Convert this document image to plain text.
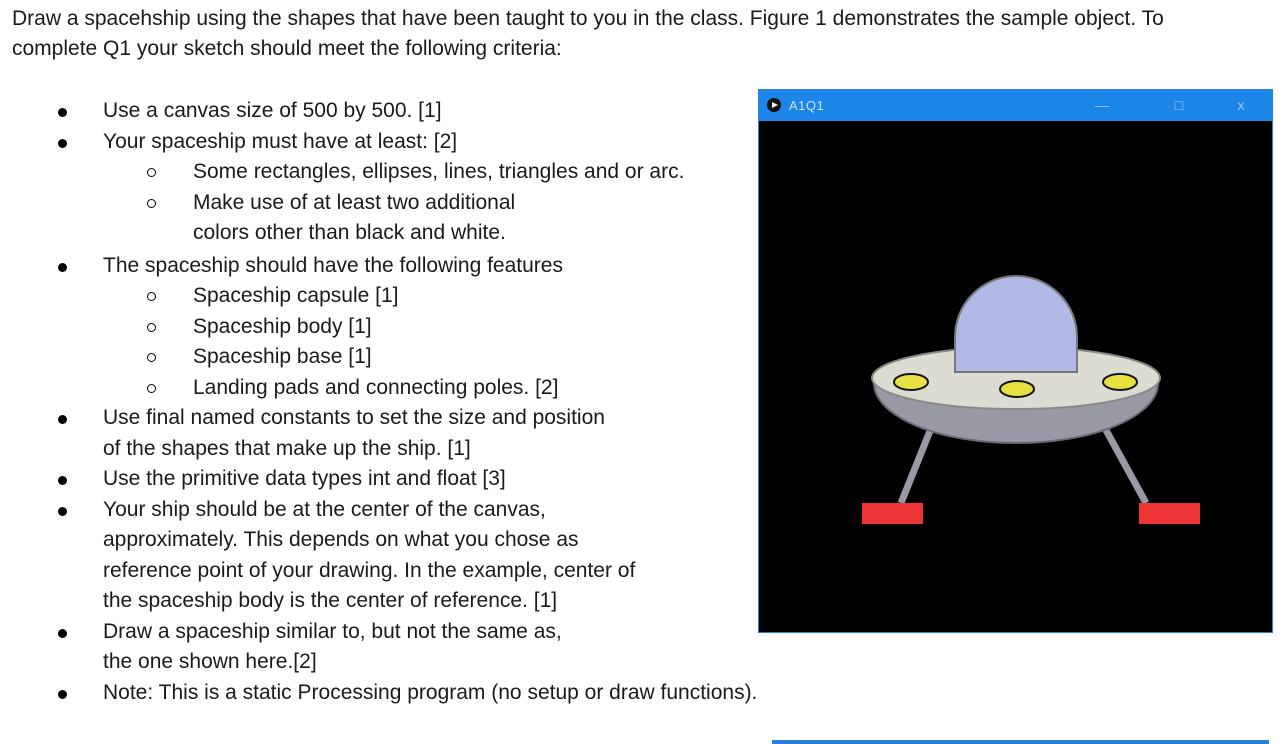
Draw a spacehship using the shapes that have been taught to you in the class. Figure 1 demonstrates the sample object. To complete Q1 your sketch should meet the following criteria:

Use a canvas size of 500 by 500. [1]
Your spaceship must have at least: [2]
Some rectangles, ellipses, lines, triangles and or arc.
Make use of at least two additional colors other than black and white.
The spaceship should have the following features
Spaceship capsule [1]
Spaceship body [1]
Spaceship base [1]
Landing pads and connecting poles. [2]
Use final named constants to set the size and position of the shapes that make up the ship. [1]
Use the primitive data types int and float [3]
Your ship should be at the center of the canvas, approximately. This depends on what you chose as reference point of your drawing. In the example, center of the spaceship body is the center of reference. [1]
Draw a spaceship similar to, but not the same as, the one shown here.[2]
Note: This is a static Processing program (no setup or draw functions).
A1Q1	—	□	x
